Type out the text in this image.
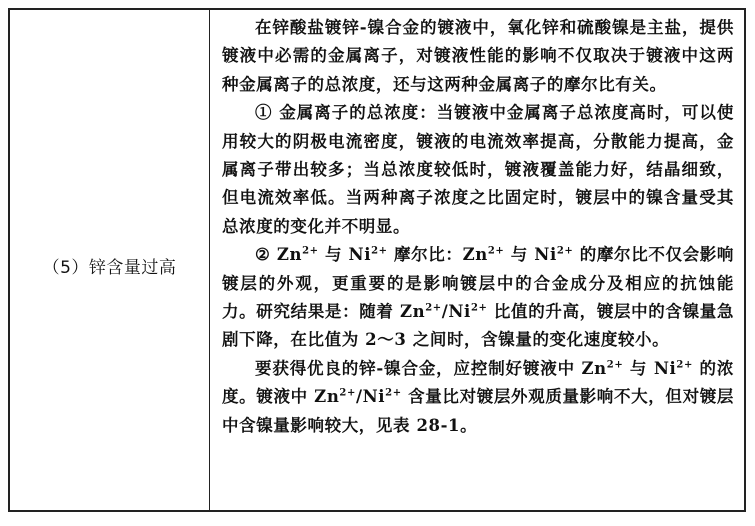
（5）锌含量过高

在锌酸盐镀锌-镍合金的镀液中，氧化锌和硫酸镍是主盐，提供镀液中必需的金属离子，对镀液性能的影响不仅取决于镀液中这两种金属离子的总浓度，还与这两种金属离子的摩尔比有关。

① 金属离子的总浓度：当镀液中金属离子总浓度高时，可以使用较大的阴极电流密度，镀液的电流效率提高，分散能力提高，金属离子带出较多；当总浓度较低时，镀液覆盖能力好，结晶细致，但电流效率低。当两种离子浓度之比固定时，镀层中的镍含量受其总浓度的变化并不明显。

② $Zn^{2+}$ 与 $Ni^{2+}$ 摩尔比：$Zn^{2+}$ 与 $Ni^{2+}$ 的摩尔比不仅会影响镀层的外观，更重要的是影响镀层中的合金成分及相应的抗蚀能力。研究结果是：随着 $Zn^{2+}/Ni^{2+}$ 比值的升高，镀层中的含镍量急剧下降，在比值为 2～3 之间时，含镍量的变化速度较小。

要获得优良的锌-镍合金，应控制好镀液中 $Zn^{2+}$ 与 $Ni^{2+}$ 的浓度。镀液中 $Zn^{2+}/Ni^{2+}$ 含量比对镀层外观质量影响不大，但对镀层中含镍量影响较大，见表 28-1。
